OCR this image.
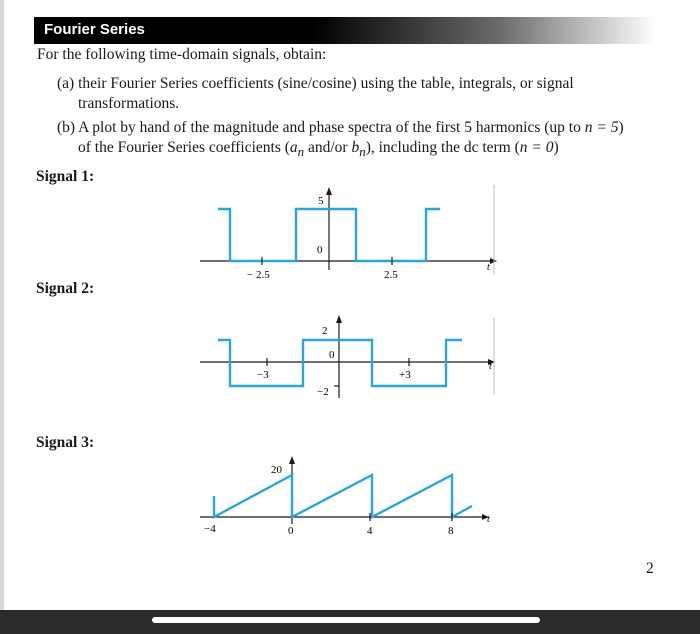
Fourier Series
For the following time-domain signals, obtain:
(a) their Fourier Series coefficients (sine/cosine) using the table, integrals, or signal
transformations.
(b) A plot by hand of the magnitude and phase spectra of the first 5 harmonics (up to n = 5)
of the Fourier Series coefficients ($a_n$ and/or $b_n$), including the dc term (n = 0)
Signal 1:
5
0
− 2.5	2.5
t
Signal 2:
2
0
−2
−3	+3
t
Signal 3:
20
−4	0	4	8
t
2
